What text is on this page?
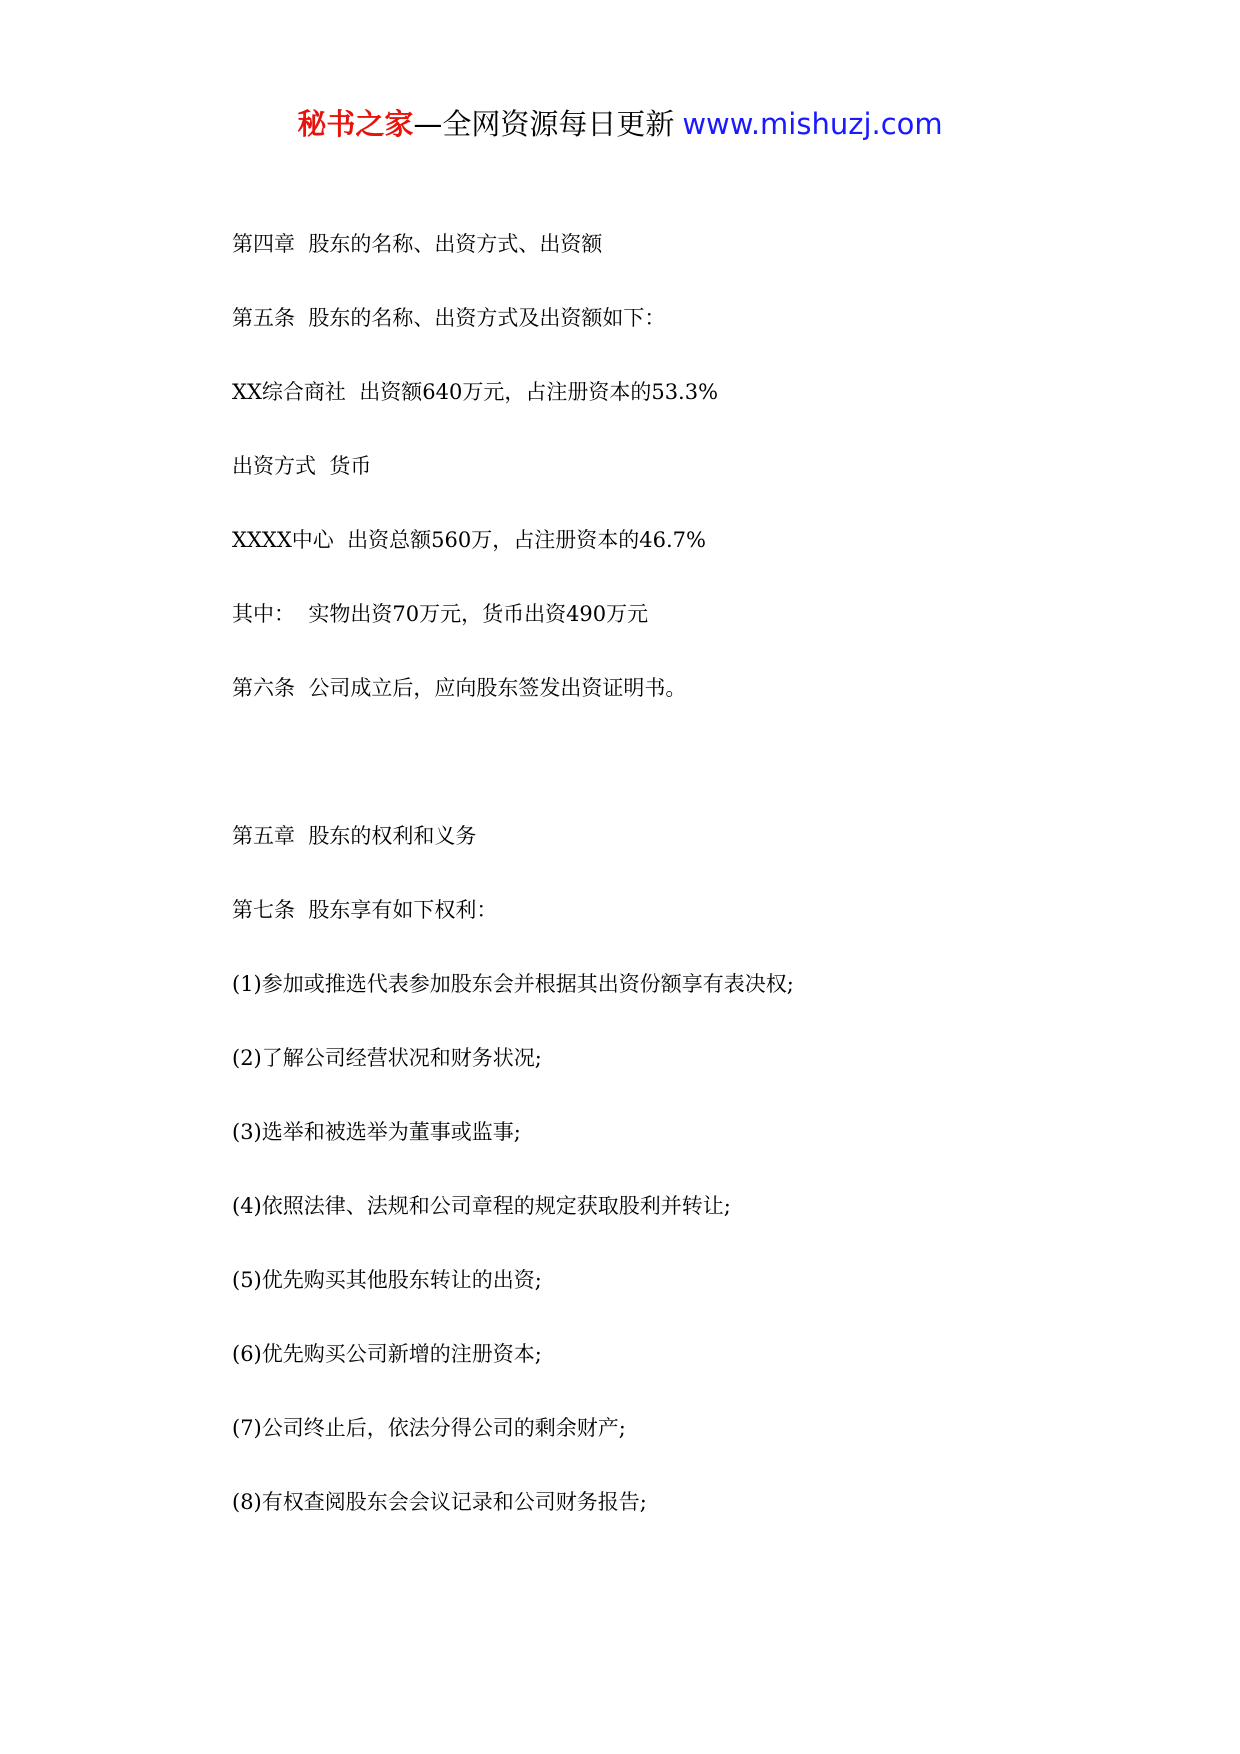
秘书之家—全网资源每日更新 www.mishuzj.com
第四章  股东的名称、出资方式、出资额
第五条  股东的名称、出资方式及出资额如下：
XX综合商社  出资额640万元，占注册资本的53.3%
出资方式  货币
XXXX中心  出资总额560万，占注册资本的46.7%
其中：  实物出资70万元，货币出资490万元
第六条  公司成立后，应向股东签发出资证明书。
第五章  股东的权利和义务
第七条  股东享有如下权利：
(1)参加或推选代表参加股东会并根据其出资份额享有表决权;
(2)了解公司经营状况和财务状况;
(3)选举和被选举为董事或监事;
(4)依照法律、法规和公司章程的规定获取股利并转让;
(5)优先购买其他股东转让的出资;
(6)优先购买公司新增的注册资本;
(7)公司终止后，依法分得公司的剩余财产;
(8)有权查阅股东会会议记录和公司财务报告;
